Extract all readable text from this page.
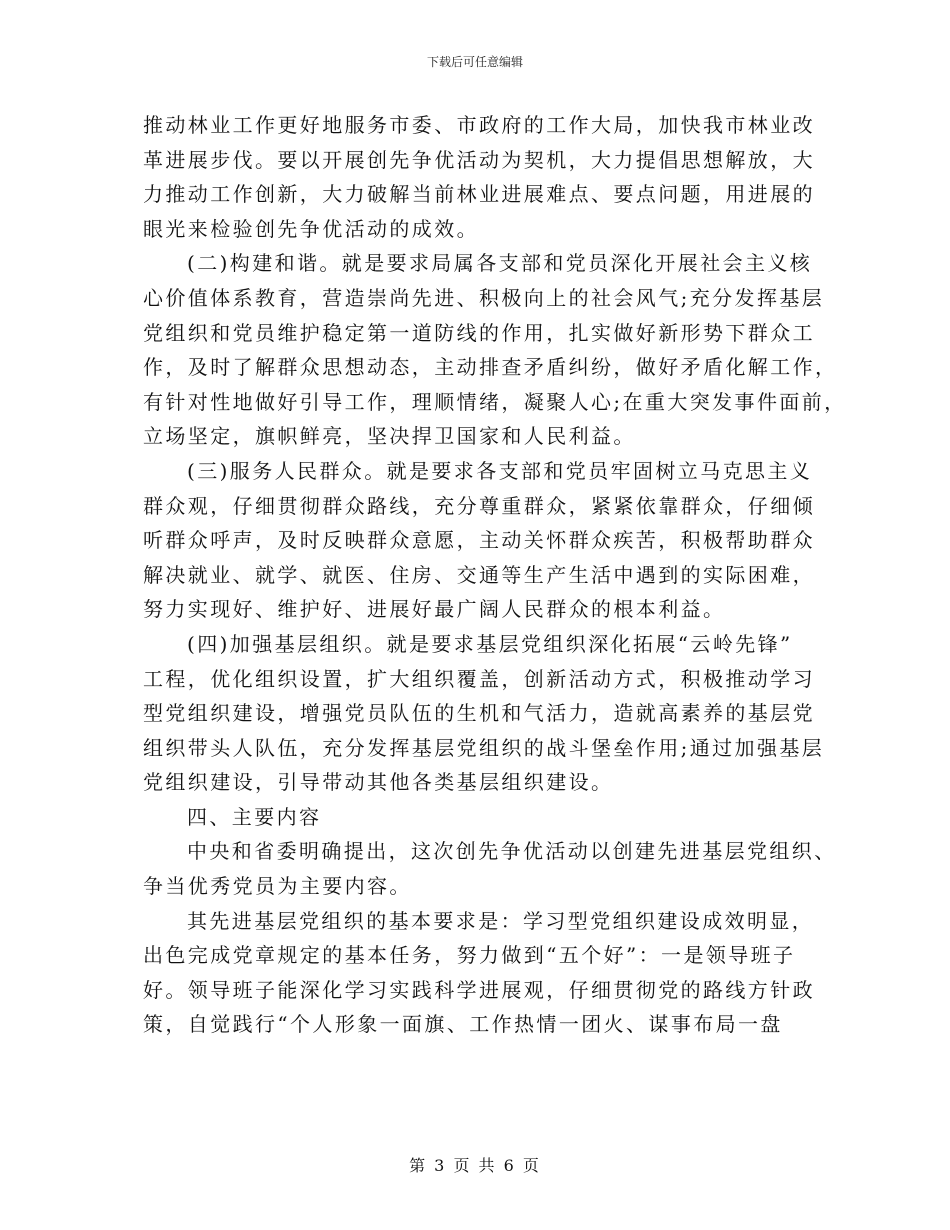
下载后可任意编辑
推动林业工作更好地服务市委、市政府的工作大局，加快我市林业改
革进展步伐。要以开展创先争优活动为契机，大力提倡思想解放，大
力推动工作创新，大力破解当前林业进展难点、要点问题，用进展的
眼光来检验创先争优活动的成效。
(二)构建和谐。就是要求局属各支部和党员深化开展社会主义核
心价值体系教育，营造崇尚先进、积极向上的社会风气;充分发挥基层
党组织和党员维护稳定第一道防线的作用，扎实做好新形势下群众工
作，及时了解群众思想动态，主动排查矛盾纠纷，做好矛盾化解工作，
有针对性地做好引导工作，理顺情绪，凝聚人心;在重大突发事件面前，
立场坚定，旗帜鲜亮，坚决捍卫国家和人民利益。
(三)服务人民群众。就是要求各支部和党员牢固树立马克思主义
群众观，仔细贯彻群众路线，充分尊重群众，紧紧依靠群众，仔细倾
听群众呼声，及时反映群众意愿，主动关怀群众疾苦，积极帮助群众
解决就业、就学、就医、住房、交通等生产生活中遇到的实际困难，
努力实现好、维护好、进展好最广阔人民群众的根本利益。
(四)加强基层组织。就是要求基层党组织深化拓展“云岭先锋”
工程，优化组织设置，扩大组织覆盖，创新活动方式，积极推动学习
型党组织建设，增强党员队伍的生机和气活力，造就高素养的基层党
组织带头人队伍，充分发挥基层党组织的战斗堡垒作用;通过加强基层
党组织建设，引导带动其他各类基层组织建设。
四、主要内容
中央和省委明确提出，这次创先争优活动以创建先进基层党组织、
争当优秀党员为主要内容。
其先进基层党组织的基本要求是：学习型党组织建设成效明显，
出色完成党章规定的基本任务，努力做到“五个好”：一是领导班子
好。领导班子能深化学习实践科学进展观，仔细贯彻党的路线方针政
策，自觉践行“个人形象一面旗、工作热情一团火、谋事布局一盘
第 3 页 共 6 页
